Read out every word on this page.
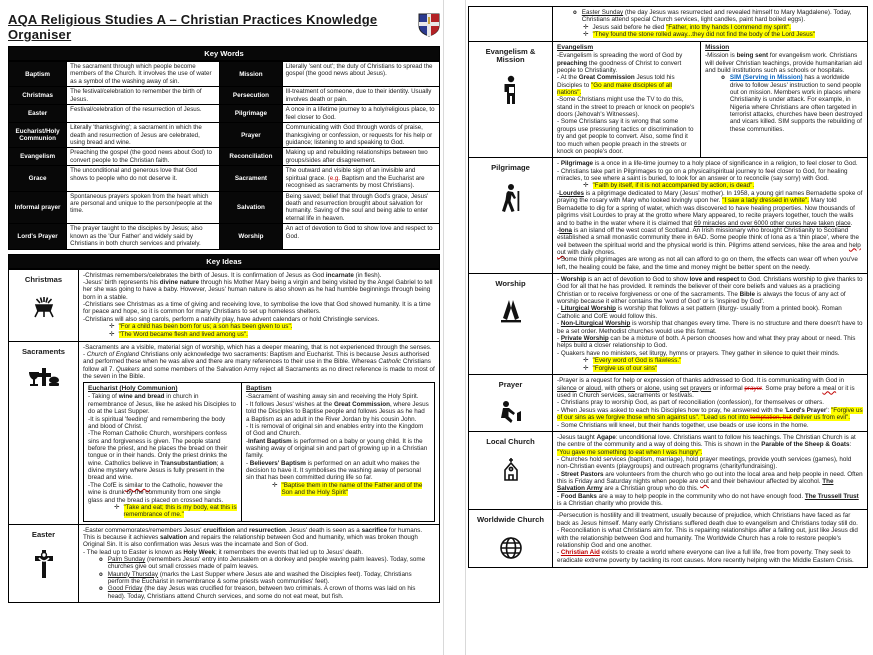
AQA Religious Studies A – Christian Practices Knowledge Organiser
Key Words
Baptism	The sacrament through which people become members of the Church. It involves the use of water as a symbol of the washing away of sin.	Mission	Literally 'sent out'; the duty of Christians to spread the gospel (the good news about Jesus).
Christmas	The festival/celebration to remember the birth of Jesus.	Persecution	Ill-treatment of someone, due to their identity. Usually involves death or pain.
Easter	Festival/celebration of the resurrection of Jesus.	Pilgrimage	A once in a lifetime journey to a holy/religious place, to feel closer to God.
Eucharist/Holy Communion	Literally 'thanksgiving'; a sacrament in which the death and resurrection of Jesus are celebrated, using bread and wine.	Prayer	Communicating with God through words of praise, thanksgiving or confession, or requests for his help or guidance; listening to and speaking to God.
Evangelism	Preaching the gospel (the good news about God) to convert people to the Christian faith.	Reconciliation	Making up and rebuilding relationships between two groups/sides after disagreement.
Grace	The unconditional and generous love that God shows to people who do not deserve it.	Sacrament	The outward and visible sign of an invisible and spiritual grace. (e.g. Baptism and the Eucharist are recognised as sacraments by most Christians).
Informal prayer	Spontaneous prayers spoken from the heart which are personal and unique to the person/people at the time.	Salvation	Being saved; belief that through God's grace, Jesus' death and resurrection brought about salvation for humanity. Saving of the soul and being able to enter eternal life in heaven.
Lord's Prayer	The prayer taught to the disciples by Jesus; also known as the 'Our Father' and widely said by Christians in both church services and privately.	Worship	An act of devotion to God to show love and respect to God.
Key Ideas
Christmas	-Christmas remembers/celebrates the birth of Jesus. It is confirmation of Jesus as God incarnate (in flesh).
-Jesus' birth represents his divine nature through his Mother Mary being a virgin and being visited by the Angel Gabriel to tell her she was going to have a baby. However, Jesus' human nature is also shown as he had humble beginnings through being born in a stable.
-Christians see Christmas as a time of giving and receiving love, to symbolise the love that God showed humanity. It is a time for peace and hope, so it is common for many Christians to set up homeless shelters.
-Christians will also sing carols, perform a nativity play, have advent calendars or hold Christingle services.
✛ "For a child has been born for us; a son has been given to us".
✛ "The Word became flesh and lived among us".

Sacraments	-Sacraments are a visible, material sign of worship, which has a deeper meaning, that is not experienced through the senses.
- Church of England Christians only acknowledge two sacraments: Baptism and Eucharist. This is because Jesus authorised and performed these when he was alive and there are many references to their use in the Bible. Whereas Catholic Christians follow all 7. Quakers and some members of the Salvation Army reject all Sacraments as no direct reference is made to most of the seven in the Bible.
Eucharist (Holy Communion)
- Taking of wine and bread in church in remembrance of Jesus, like he asked his Disciples to do at the Last Supper.
-It is spiritual 'feeding' and remembering the body and blood of Christ.
-The Roman Catholic Church, worshipers confess sins and forgiveness is given. The people stand before the priest, and he places the bread on their tongue or in their hands. Only the priest drinks the wine. Catholics believe in Transubstantiation; a divine mystery where Jesus is fully present in the bread and wine.
-The CofE is similar to the Catholic, however the wine is drunk by the community from one single glass and the bread is placed on crossed hands.
✛ "Take and eat; this is my body, eat this is remembrance of me."

Baptism
-Sacrament of washing away sin and receiving the Holy Spirit.
- It follows Jesus' wishes at the Great Commission, where Jesus told the Disciples to Baptise people and follows Jesus as he had a Baptism as an adult in the River Jordan by his cousin John.
- It is removal of original sin and enables entry into the Kingdom of God and Church.
-Infant Baptism is performed on a baby or young child. It is the washing away of original sin and part of growing up in a Christian family.
- Believers' Baptism is performed on an adult who makes the decision to have it. It symbolises the washing away of personal sin that has been committed during life so far.
✛ "Baptise them in the name of the Father and of the Son and the Holy Spirit"

Easter	-Easter commemorates/remembers Jesus' crucifixion and resurrection. Jesus' death is seen as a sacrifice for humans. This is because it achieves salvation and repairs the relationship between God and humanity, which was broken though Original Sin. It is also confirmation was Jesus was the incarnate and Son of God.
- The lead up to Easter is known as Holy Week; it remembers the events that led up to Jesus' death.
o Palm Sunday (remembers Jesus' entry into Jerusalem on a donkey and people waving palm leaves). Today, some churches give out small crosses made of palm leaves.
o Maundy Thursday (marks the Last Supper where Jesus ate and washed the Disciples feet). Today, Christians perform the Eucharist in remembrance & some priests wash communities' feet).
o Good Friday (the day Jesus was crucified for treason, between two criminals. A crown of thorns was laid on his head). Today, Christians attend Church services, and some do not eat meat, but fish.

o Easter Sunday (the day Jesus was resurrected and revealed himself to Mary Magdalene). Today, Christians attend special Church services, light candles, paint hard boiled eggs).
✛ Jesus said before he died "Father, into thy hands I commend my spirit".
✛ "They found the stone rolled away...they did not find the body of the Lord Jesus"

Evangelism & Mission

Evangelism
-Evangelism is spreading the word of God by preaching the goodness of Christ to convert people to Christianity.
- At the Great Commission Jesus told his Disciples to "Go and make disciples of all nations".
-Some Christians might use the TV to do this, stand in the street to preach or knock on people's doors (Jehovah's Witnesses).
- Some Christians say it is wrong that some groups use pressuring tactics or discrimination to try and get people to convert. Also, some find it too much when people preach in the streets or knock on people's door.

Mission
-Mission is being sent for evangelism work. Christians will deliver Christian teachings, provide humanitarian aid and build institutions such as schools or hospitals.
o SIM (Serving in Mission) has a worldwide drive to follow Jesus' instruction to send people out on mission. Members work in places where Christianity is under attack. For example, in Nigeria where Christians are often targeted in terrorist attacks, churches have been destroyed and vicars killed. SIM supports the rebuilding of these communities.

Pilgrimage	- Pilgrimage is a once in a life-time journey to a holy place of significance in a religion, to feel closer to God.
- Christians take part in Pilgrimages to go on a physical/spiritual journey to feel closer to God, for healing miracles, to see where a saint is buried, to look for an answer or to reconcile (say sorry) with God.
✛ "Faith by itself, if it is not accompanied by action, is dead".
-Lourdes is a pilgrimage dedicated to Mary (Jesus' mother). In 1958, a young girl names Bernadette spoke of praying the rosary with Mary who looked lovingly upon her. "I saw a lady dressed in white". Mary told Bernadette to dig for a spring of water, which was discovered to have healing properties. Now thousands of pilgrims visit Lourdes to pray at the grotto where Mary appeared, to recite prayers together, touch the walls and to bathe in the water where it is claimed that 69 miracles and over 6000 other cures have taken place.
-Iona is an island off the west coast of Scotland. An Irish missionary who brought Christianity to Scotland established a small monastic community there in 6AD. Some people think of Iona as a 'thin place', where the veil between the spiritual world and the physical world is thin. Pilgrims attend services, hike the area and help out with daily chores.
- Some think pilgrimages are wrong as not all can afford to go on them, the effects can wear off when you've left, the healing could be fake, and the time and money might be better spent on the needy.

Worship	- Worship is an act of devotion to God to show love and respect to God. Christians worship to give thanks to God for all that he has provided. It reminds the believer of their core beliefs and values as a practicing Christian or to receive forgiveness or one of the sacraments. The Bible is always the focus of any act of worship because it either contains the 'word of God' or is 'inspired by God'.
- Liturgical Worship is worship that follows a set pattern (liturgy- usually from a printed book). Roman Catholic and CofE would follow this.
- Non-Liturgical Worship is worship that changes every time. There is no structure and there doesn't have to be a set order. Methodist churches would use this format.
- Private Worship can be a mixture of both. A person chooses how and what they pray about or need. This helps build a closer relationship to God.
- Quakers have no ministers, set liturgy, hymns or prayers. They gather in silence to quiet their minds.
✛ "Every word of God is flawless."
✛ "Forgive us of our sins"

Prayer	-Prayer is a request for help or expression of thanks addressed to God. It is communicating with God in silence or aloud, with others or alone, using set prayers or informal prayer. Some pray before a meal or it is used in Church services, sacraments or festivals.
- Christians pray to worship God, as part of reconciliation (confession), for themselves or others.
- When Jesus was asked to each his Disciples how to pray, he answered with the 'Lord's Prayer': "Forgive us of our sins as we forgive those who sin against us". "Lead us not into temptation, but deliver us from evil".
- Some Christians will kneel, but their hands together, use beads or use icons in the home.

Local Church	-Jesus taught Agape: unconditional love. Christians want to follow his teachings. The Christian Church is at the centre of the community and a way of doing this. This is shown in the Parable of the Sheep & Goats: "You gave me something to eat when I was hungry".
- Churches hold services (baptism, marriage), hold prayer meetings, provide youth services (games), hold non-Christian events (playgroups) and outreach programs (charity/fundraising).
- Street Pastors are volunteers from the church who go out into the local area and help people in need. Often this is Friday and Saturday nights when people are out and their behaviour affected by alcohol. The Salvation Army are a Christian group who do this.
- Food Banks are a way to help people in the community who do not have enough food. The Trussell Trust is a Christian charity who provide this.

Worldwide Church	-Persecution is hostility and ill treatment, usually because of prejudice, which Christians have faced as far back as Jesus himself. Many early Christians suffered death due to evangelism and Christians today still do.
- Reconciliation is what Christians aim for. This is repairing relationships after a falling out, just like Jesus did with the relationship between God and humanity. The Worldwide Church has a role to restore people's relationship God and one another.
- Christian Aid exists to create a world where everyone can live a full life, free from poverty. They seek to eradicate extreme poverty by tackling its root causes. More recently helping with the Middle Eastern Crisis.
